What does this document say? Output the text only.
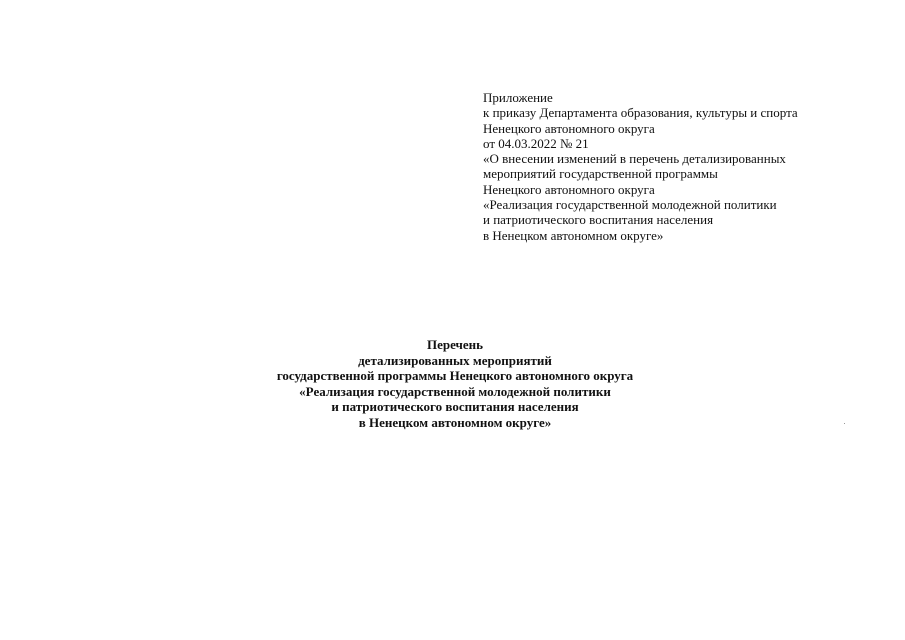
Приложение
к приказу Департамента образования, культуры и спорта
Ненецкого автономного округа
от 04.03.2022 № 21
«О внесении изменений в перечень детализированных
мероприятий государственной программы
Ненецкого автономного округа
«Реализация государственной молодежной политики
и патриотического воспитания населения
в Ненецком автономном округе»
Перечень
детализированных мероприятий
государственной программы Ненецкого автономного округа
«Реализация государственной молодежной политики
и патриотического воспитания населения
в Ненецком автономном округе»
